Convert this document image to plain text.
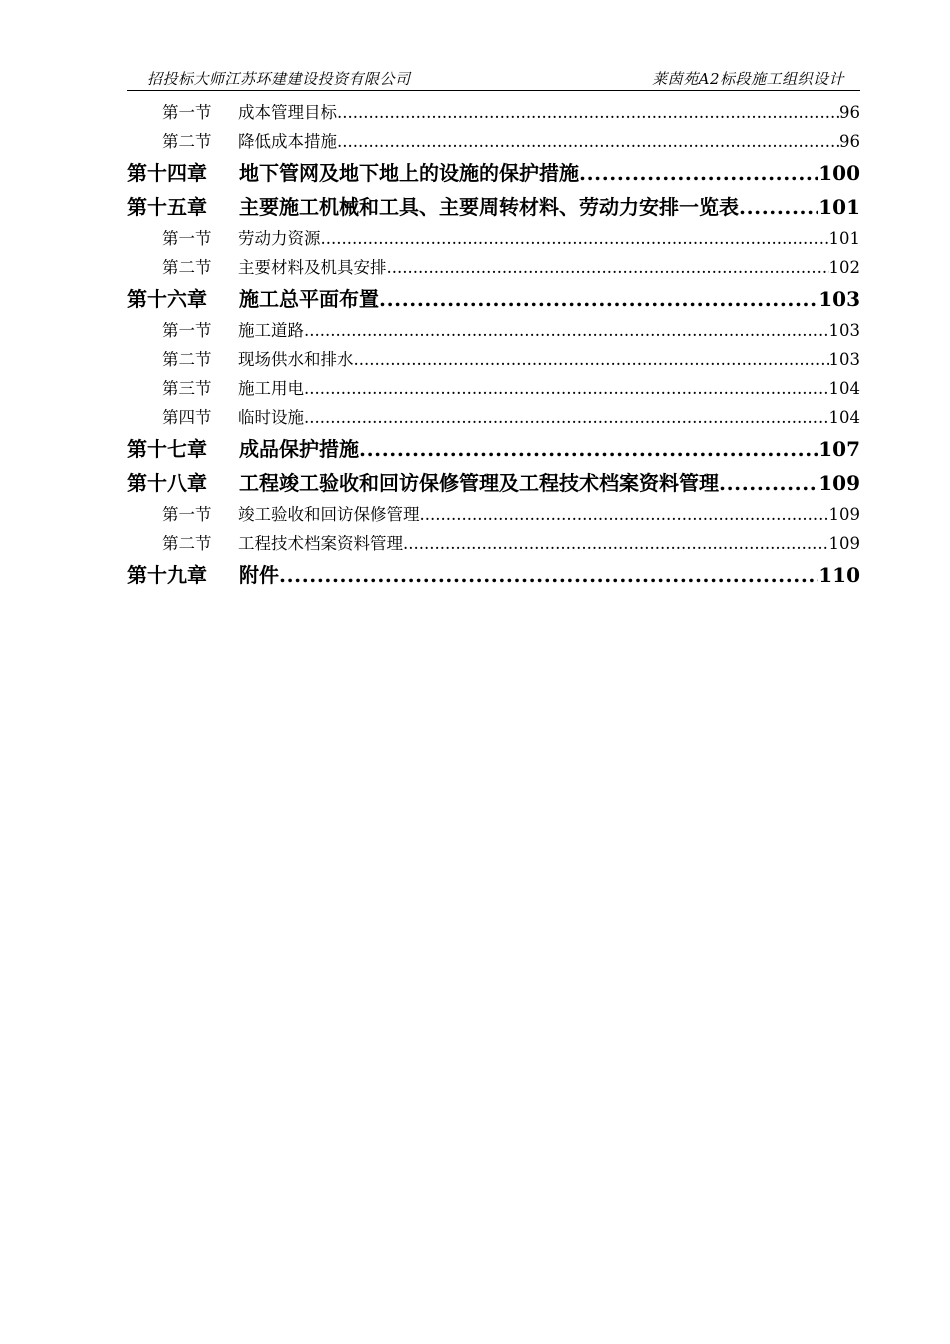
招投标大师江苏环建建设投资有限公司	莱茵苑A2标段施工组织设计
第一节	成本管理目标 .....	96
第二节	降低成本措施 .....	96
第十四章	地下管网及地下地上的设施的保护措施 .....	100
第十五章	主要施工机械和工具、主要周转材料、劳动力安排一览表 .....	101
第一节	劳动力资源 .....	101
第二节	主要材料及机具安排 .....	102
第十六章	施工总平面布置 .....	103
第一节	施工道路 .....	103
第二节	现场供水和排水 .....	103
第三节	施工用电 .....	104
第四节	临时设施 .....	104
第十七章	成品保护措施 .....	107
第十八章	工程竣工验收和回访保修管理及工程技术档案资料管理 .....	109
第一节	竣工验收和回访保修管理 .....	109
第二节	工程技术档案资料管理 .....	109
第十九章	附件 .....	110
